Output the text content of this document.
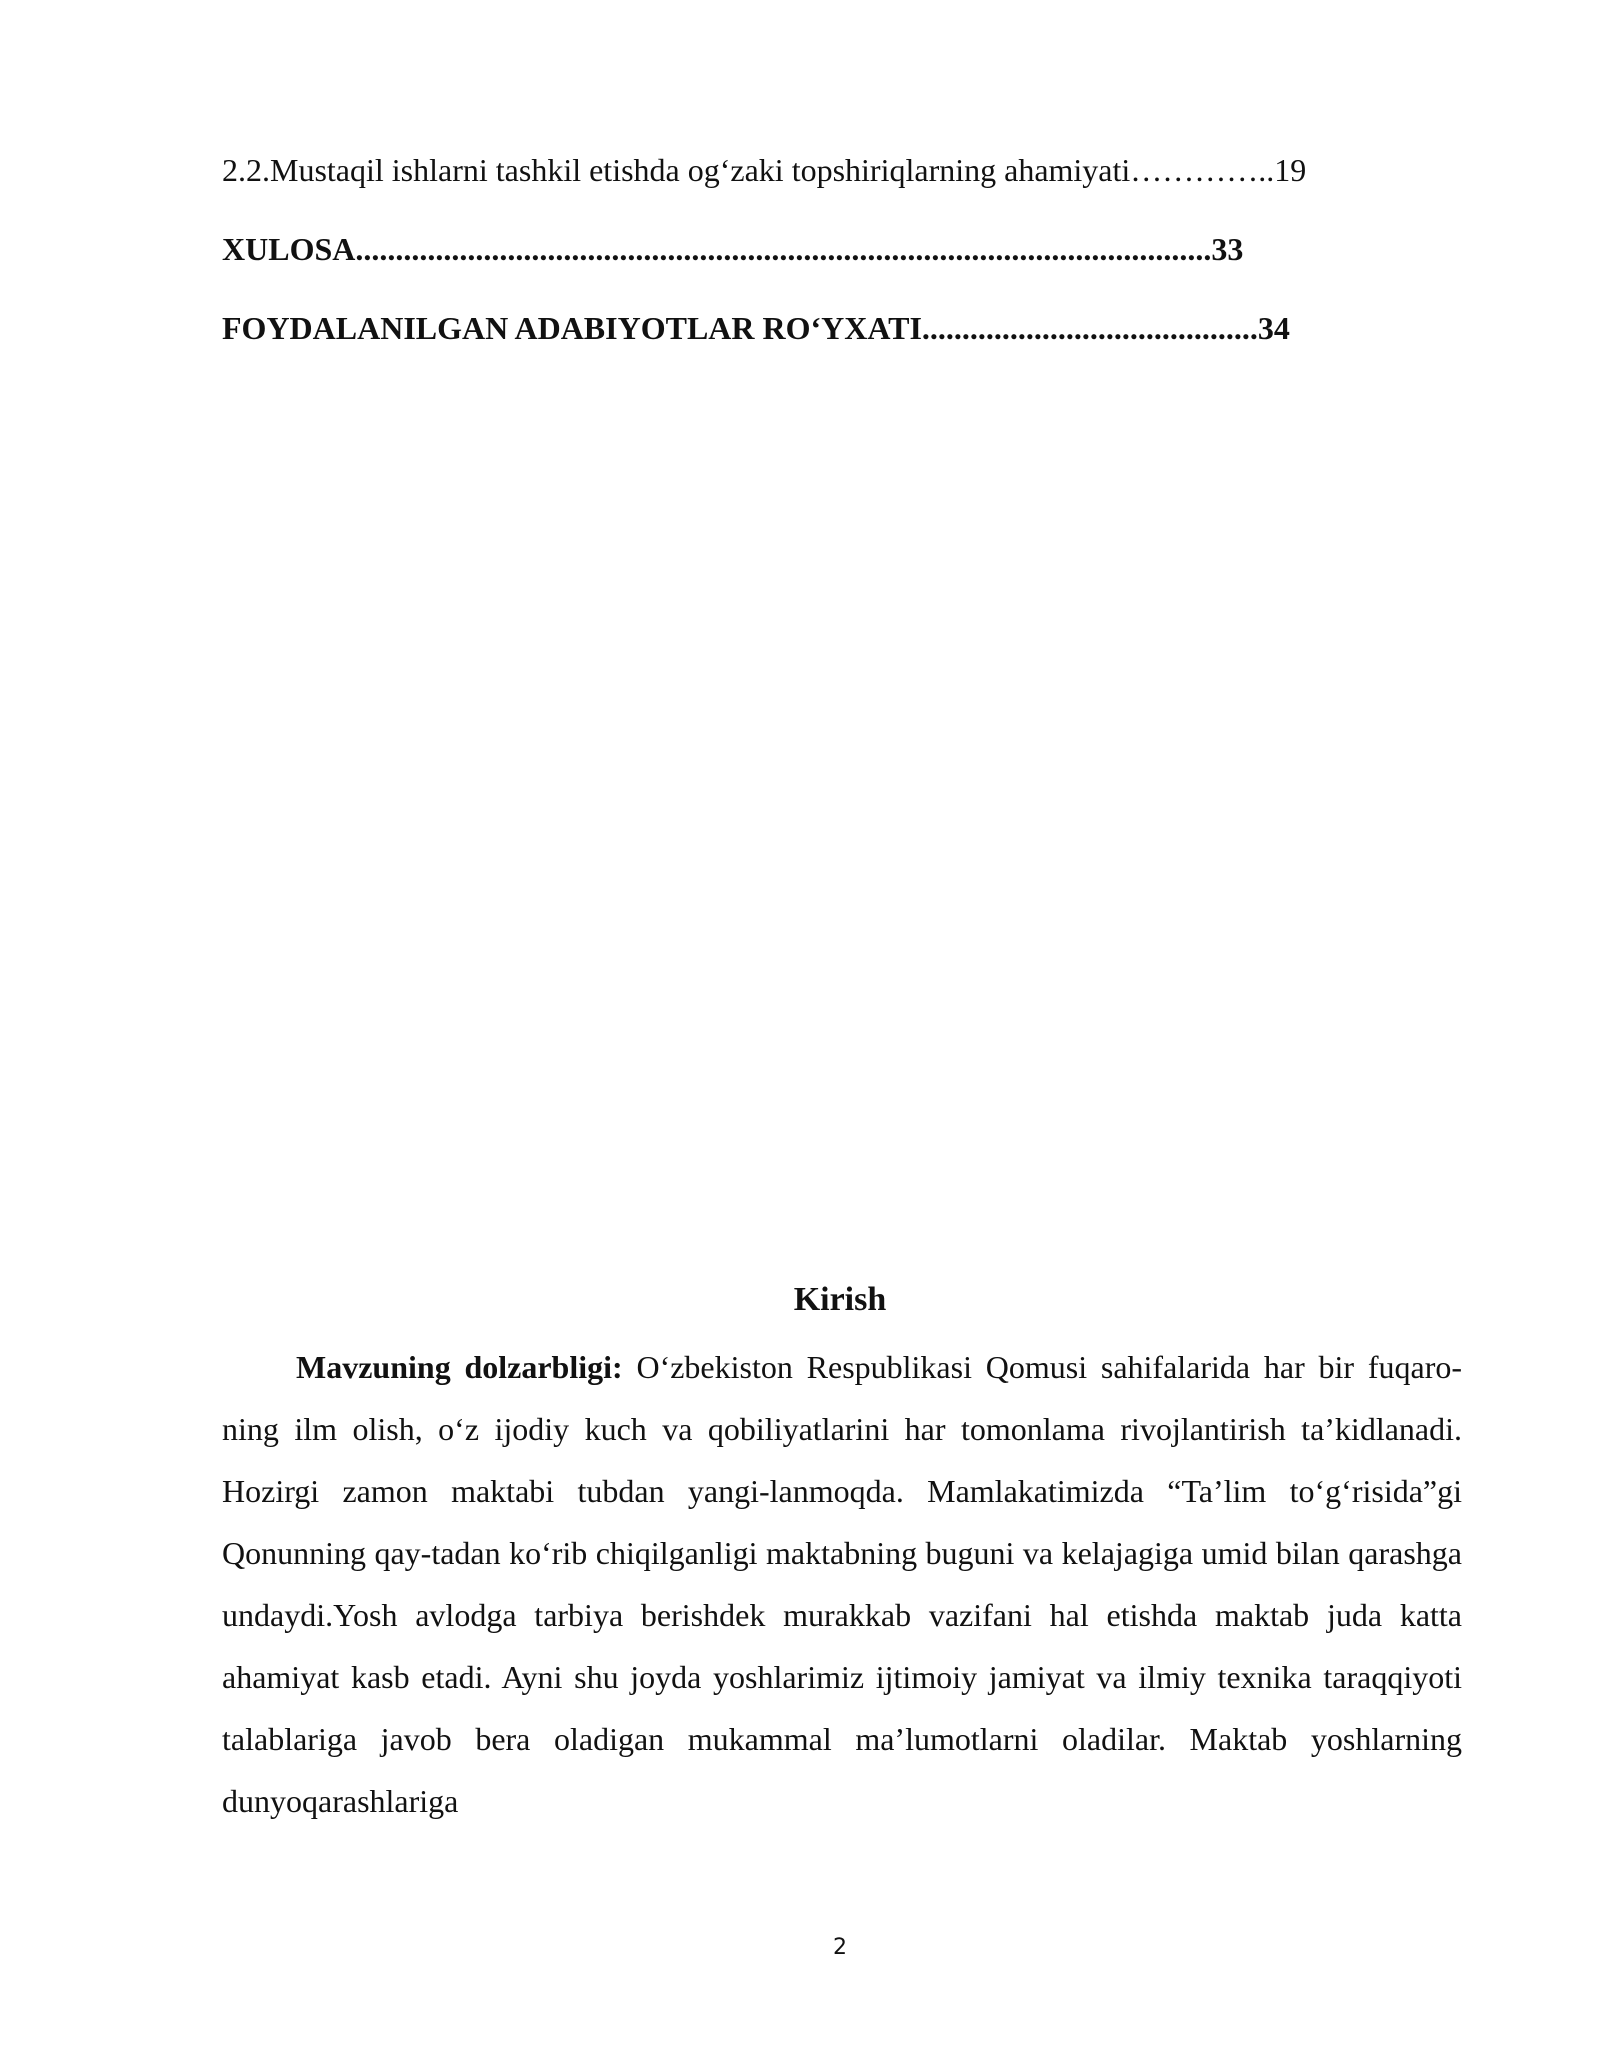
2.2.Mustaqil ishlarni tashkil etishda og‘zaki topshiriqlarning ahamiyati…………..19
XULOSA...........................................................................................................33
FOYDALANILGAN ADABIYOTLAR RO‘YXATI..........................................34
Kirish

Mavzuning dolzarbligi: O‘zbekiston Respublikasi Qomusi sahifalarida har bir fuqaro-ning ilm olish, o‘z ijodiy kuch va qobiliyatlarini har tomonlama rivojlantirish ta’kidlanadi. Hozirgi zamon maktabi tubdan yangi-lanmoqda. Mamlakatimizda “Ta’lim to‘g‘risida”gi Qonunning qay-tadan ko‘rib chiqilganligi maktabning buguni va kelajagiga umid bilan qarashga undaydi.Yosh avlodga tarbiya berishdek murakkab vazifani hal etishda maktab juda katta ahamiyat kasb etadi. Ayni shu joyda yoshlarimiz ijtimoiy jamiyat va ilmiy texnika taraqqiyoti talablariga javob bera oladigan mukammal ma’lumotlarni oladilar. Maktab yoshlarning dunyoqarashlariga

2
